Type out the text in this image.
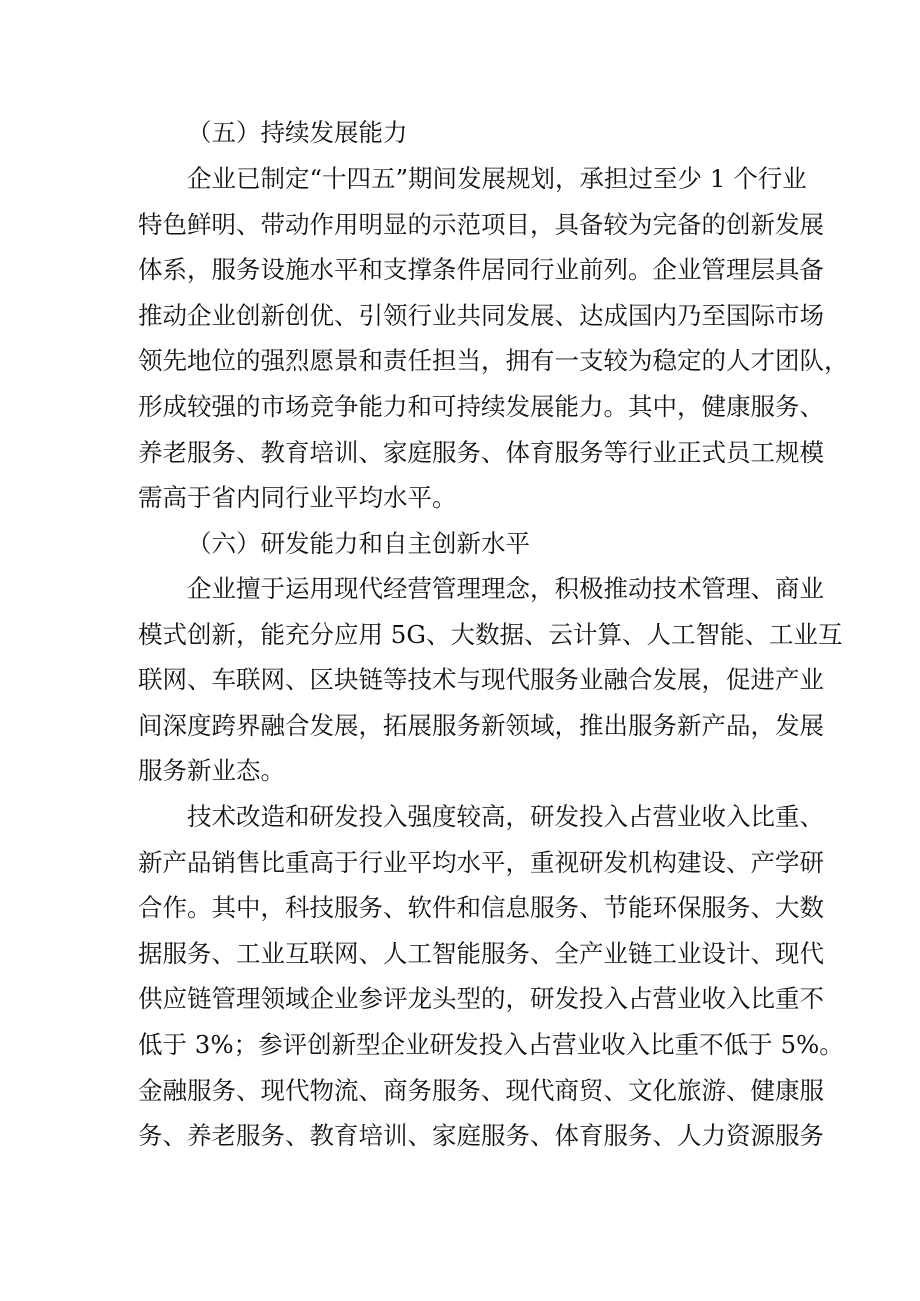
（五）持续发展能力

企业已制定“十四五”期间发展规划，承担过至少 1 个行业
特色鲜明、带动作用明显的示范项目，具备较为完备的创新发展
体系，服务设施水平和支撑条件居同行业前列。企业管理层具备
推动企业创新创优、引领行业共同发展、达成国内乃至国际市场
领先地位的强烈愿景和责任担当，拥有一支较为稳定的人才团队，
形成较强的市场竞争能力和可持续发展能力。其中，健康服务、
养老服务、教育培训、家庭服务、体育服务等行业正式员工规模
需高于省内同行业平均水平。

（六）研发能力和自主创新水平

企业擅于运用现代经营管理理念，积极推动技术管理、商业
模式创新，能充分应用 5G、大数据、云计算、人工智能、工业互
联网、车联网、区块链等技术与现代服务业融合发展，促进产业
间深度跨界融合发展，拓展服务新领域，推出服务新产品，发展
服务新业态。
技术改造和研发投入强度较高，研发投入占营业收入比重、
新产品销售比重高于行业平均水平，重视研发机构建设、产学研
合作。其中，科技服务、软件和信息服务、节能环保服务、大数
据服务、工业互联网、人工智能服务、全产业链工业设计、现代
供应链管理领域企业参评龙头型的，研发投入占营业收入比重不
低于 3%；参评创新型企业研发投入占营业收入比重不低于 5%。
金融服务、现代物流、商务服务、现代商贸、文化旅游、健康服
务、养老服务、教育培训、家庭服务、体育服务、人力资源服务
